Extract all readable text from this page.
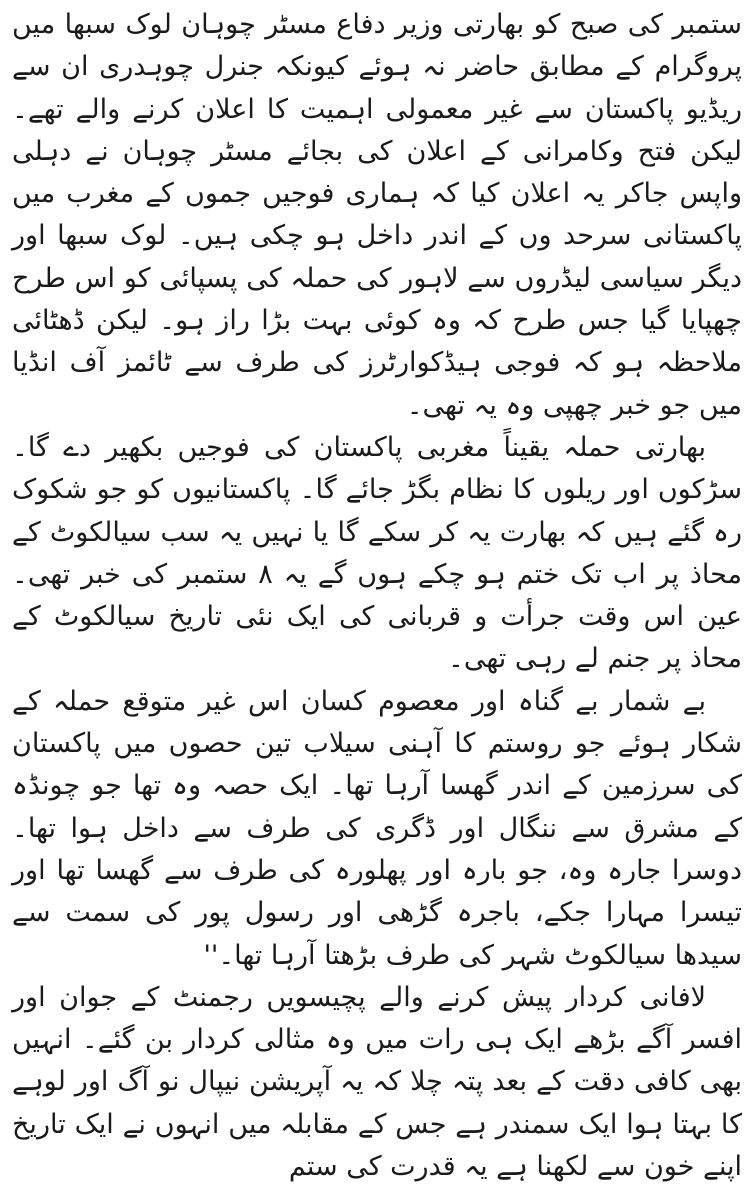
ستمبر کی صبح کو بھارتی وزیر دفاع مسٹر چوہان لوک سبھا میں پروگرام کے مطابق حاضر نہ ہوئے کیونکہ جنرل چوہدری ان سے ریڈیو پاکستان سے غیر معمولی اہمیت کا اعلان کرنے والے تھے۔ لیکن فتح وکامرانی کے اعلان کی بجائے مسٹر چوہان نے دہلی واپس جاکر یہ اعلان کیا کہ ہماری فوجیں جموں کے مغرب میں پاکستانی سرحد وں کے اندر داخل ہو چکی ہیں۔ لوک سبھا اور دیگر سیاسی لیڈروں سے لاہور کی حملہ کی پسپائی کو اس طرح چھپایا گیا جس طرح کہ وہ کوئی بہت بڑا راز ہو۔ لیکن ڈھٹائی ملاحظہ ہو کہ فوجی ہیڈکوارٹرز کی طرف سے ٹائمز آف انڈیا میں جو خبر چھپی وہ یہ تھی۔

بھارتی حملہ یقیناً مغربی پاکستان کی فوجیں بکھیر دے گا۔ سڑکوں اور ریلوں کا نظام بگڑ جائے گا۔ پاکستانیوں کو جو شکوک رہ گئے ہیں کہ بھارت یہ کر سکے گا یا نہیں یہ سب سیالکوٹ کے محاذ پر اب تک ختم ہو چکے ہوں گے یہ ۸ ستمبر کی خبر تھی۔ عین اس وقت جرأت و قربانی کی ایک نئی تاریخ سیالکوٹ کے محاذ پر جنم لے رہی تھی۔

بے شمار بے گناہ اور معصوم کسان اس غیر متوقع حملہ کے شکار ہوئے جو روستم کا آہنی سیلاب تین حصوں میں پاکستان کی سرزمین کے اندر گھسا آرہا تھا۔ ایک حصہ وہ تھا جو چونڈہ کے مشرق سے ننگال اور ڈگری کی طرف سے داخل ہوا تھا۔ دوسرا جارہ وہ، جو بارہ اور پھلورہ کی طرف سے گھسا تھا اور تیسرا مہارا جکے، باجرہ گڑھی اور رسول پور کی سمت سے سیدھا سیالکوٹ شہر کی طرف بڑھتا آرہا تھا۔''

لافانی کردار پیش کرنے والے پچیسویں رجمنٹ کے جوان اور افسر آگے بڑھے ایک ہی رات میں وہ مثالی کردار بن گئے۔ انہیں بھی کافی دقت کے بعد پتہ چلا کہ یہ آپریشن نیپال نو آگ اور لوہے کا بہتا ہوا ایک سمندر ہے جس کے مقابلہ میں انہوں نے ایک تاریخ اپنے خون سے لکھنا ہے یہ قدرت کی ستم
